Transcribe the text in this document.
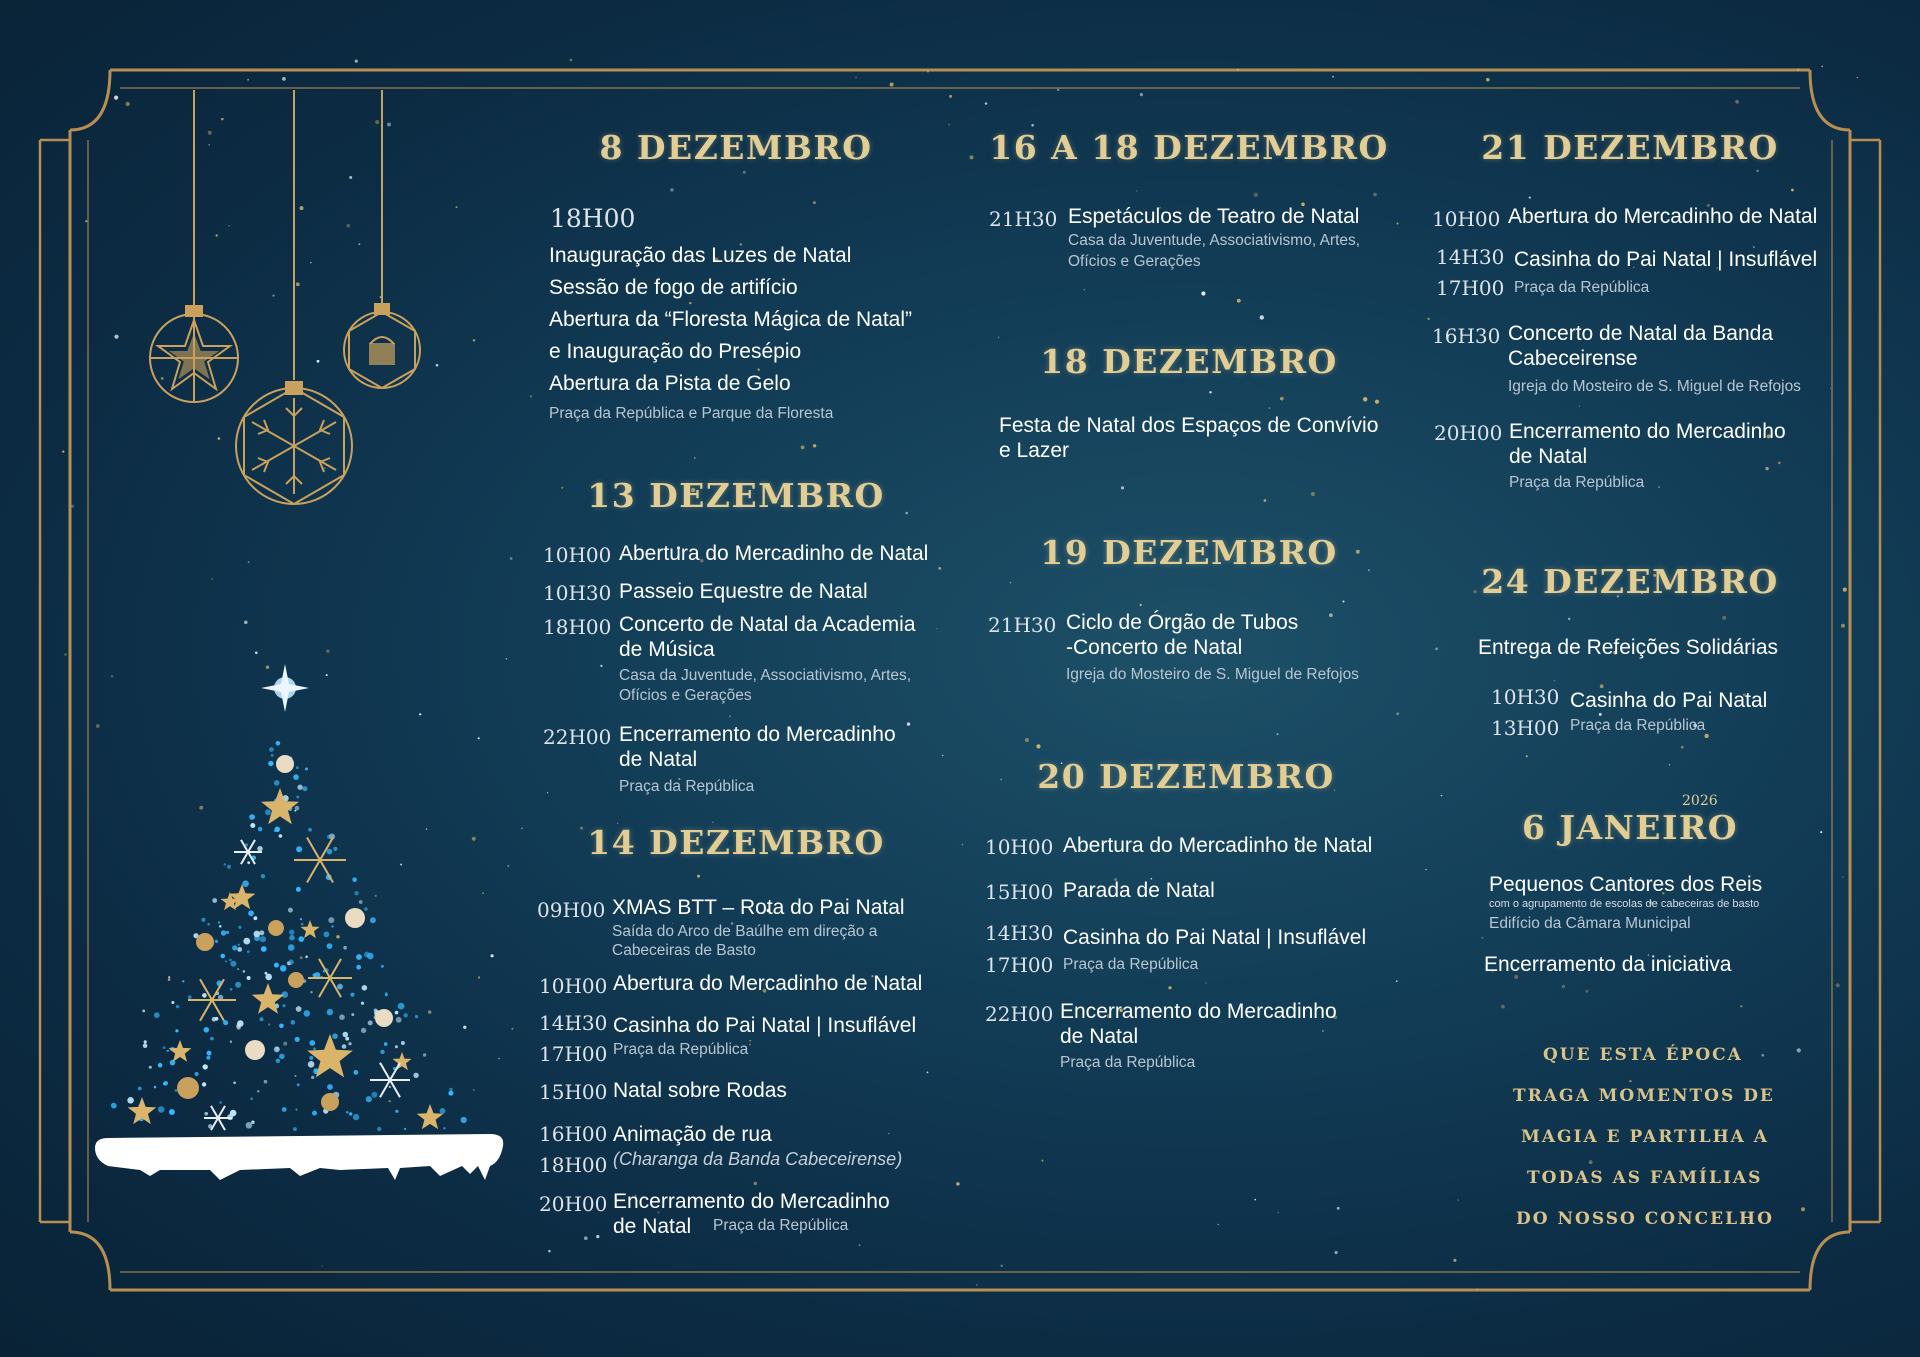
8 DEZEMBRO
18H00
Inauguração das Luzes de Natal
Sessão de fogo de artifício
Abertura da “Floresta Mágica de Natal”
e Inauguração do Presépio
Abertura da Pista de Gelo
Praça da República e Parque da Floresta
13 DEZEMBRO
10H00 Abertura do Mercadinho de Natal
10H30 Passeio Equestre de Natal
18H00 Concerto de Natal da Academia
de Música
Casa da Juventude, Associativismo, Artes,
Ofícios e Gerações
22H00 Encerramento do Mercadinho
de Natal
Praça da República
14 DEZEMBRO
09H00 XMAS BTT – Rota do Pai Natal
Saída do Arco de Baúlhe em direção a
Cabeceiras de Basto
10H00 Abertura do Mercadinho de Natal
14H30
17H00
Casinha do Pai Natal | Insuflável
Praça da República
15H00 Natal sobre Rodas
16H00
18H00
Animação de rua
(Charanga da Banda Cabeceirense)
20H00 Encerramento do Mercadinho
de Natal Praça da República
16 A 18 DEZEMBRO
21H30 Espetáculos de Teatro de Natal
Casa da Juventude, Associativismo, Artes,
Ofícios e Gerações
18 DEZEMBRO
Festa de Natal dos Espaços de Convívio
e Lazer
19 DEZEMBRO
21H30 Ciclo de Órgão de Tubos
-Concerto de Natal
Igreja do Mosteiro de S. Miguel de Refojos
20 DEZEMBRO
10H00 Abertura do Mercadinho de Natal
15H00 Parada de Natal
14H30
17H00
Casinha do Pai Natal | Insuflável
Praça da República
22H00 Encerramento do Mercadinho
de Natal
Praça da República
21 DEZEMBRO
10H00 Abertura do Mercadinho de Natal
14H30
17H00
Casinha do Pai Natal | Insuflável
Praça da República
16H30 Concerto de Natal da Banda
Cabeceirense
Igreja do Mosteiro de S. Miguel de Refojos
20H00 Encerramento do Mercadinho
de Natal
Praça da República
24 DEZEMBRO
Entrega de Refeições Solidárias
10H30
13H00
Casinha do Pai Natal
Praça da República
2026
6 JANEIRO
Pequenos Cantores dos Reis
com o agrupamento de escolas de cabeceiras de basto
Edifício da Câmara Municipal
Encerramento da iniciativa
QUE ESTA ÉPOCA
TRAGA MOMENTOS DE
MAGIA E PARTILHA A
TODAS AS FAMÍLIAS
DO NOSSO CONCELHO
